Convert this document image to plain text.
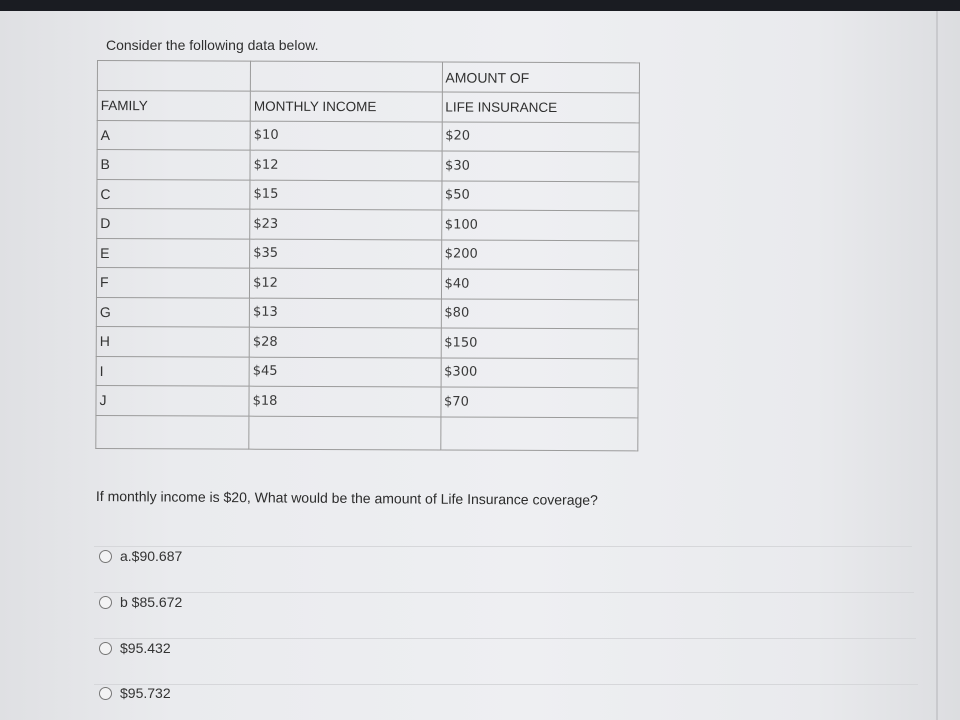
Consider the following data below.
		AMOUNT OF
FAMILY	MONTHLY INCOME	LIFE INSURANCE
A	$10	$20
B	$12	$30
C	$15	$50
D	$23	$100
E	$35	$200
F	$12	$40
G	$13	$80
H	$28	$150
I	$45	$300
J	$18	$70

If monthly income is $20, What would be the amount of Life Insurance coverage?
a.$90.687
b $85.672
$95.432
$95.732
